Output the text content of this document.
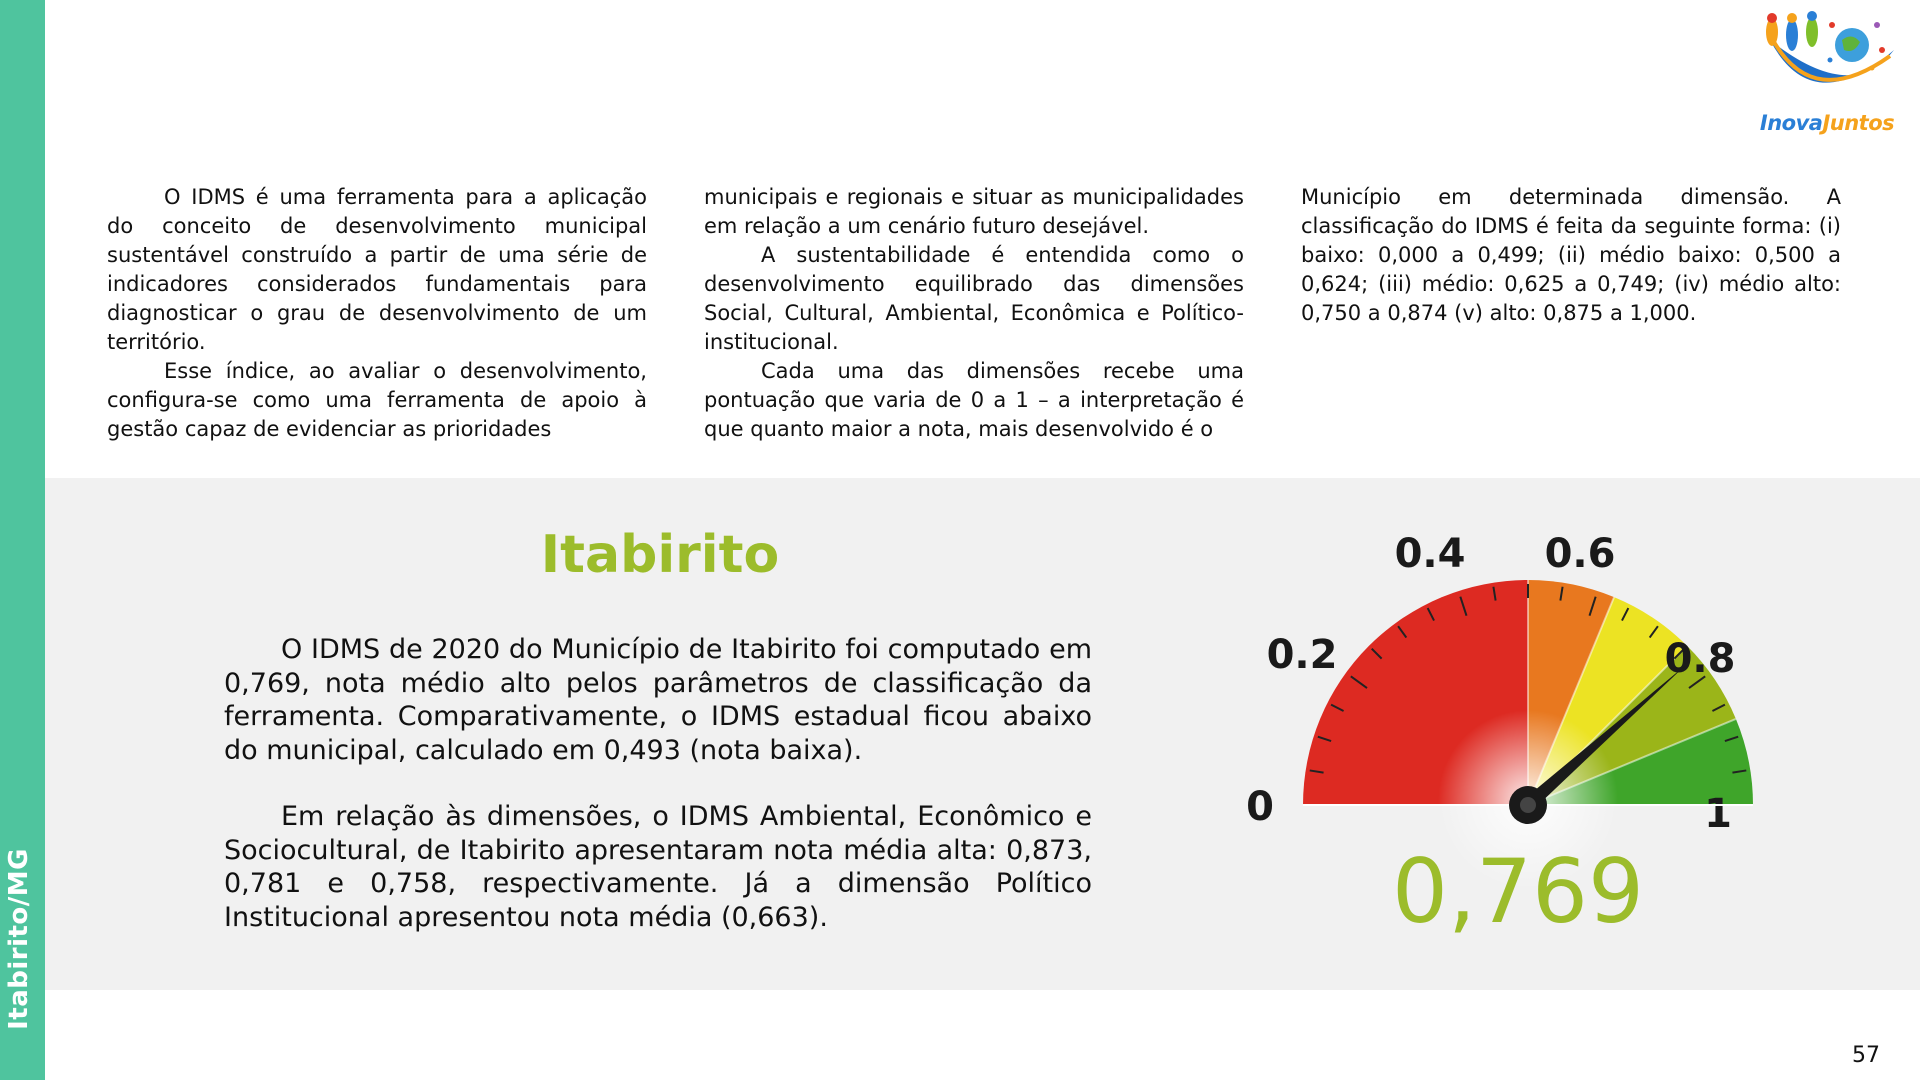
Itabirito/MG
InovaJuntos

O IDMS é uma ferramenta para a aplicação do conceito de desenvolvimento municipal sustentável construído a partir de uma série de indicadores considerados fundamentais para diagnosticar o grau de desenvolvimento de um território.

Esse índice, ao avaliar o desenvolvimento, configura-se como uma ferramenta de apoio à gestão capaz de evidenciar as prioridades

municipais e regionais e situar as municipalidades em relação a um cenário futuro desejável.

A sustentabilidade é entendida como o desenvolvimento equilibrado das dimensões Social, Cultural, Ambiental, Econômica e Político-institucional.

Cada uma das dimensões recebe uma pontuação que varia de 0 a 1 – a interpretação é que quanto maior a nota, mais desenvolvido é o

Município em determinada dimensão. A classificação do IDMS é feita da seguinte forma: (i) baixo: 0,000 a 0,499; (ii) médio baixo: 0,500 a 0,624; (iii) médio: 0,625 a 0,749; (iv) médio alto: 0,750 a 0,874 (v) alto: 0,875 a 1,000.

Itabirito

O IDMS de 2020 do Município de Itabirito foi computado em 0,769, nota médio alto pelos parâmetros de classificação da ferramenta. Comparativamente, o IDMS estadual ficou abaixo do municipal, calculado em 0,493 (nota baixa).

Em relação às dimensões, o IDMS Ambiental, Econômico e Sociocultural, de Itabirito apresentaram nota média alta: 0,873, 0,781 e 0,758, respectivamente. Já a dimensão Político Institucional apresentou nota média (0,663).

0
0.2
0.4 0.6
0.8
1
0,769
57
